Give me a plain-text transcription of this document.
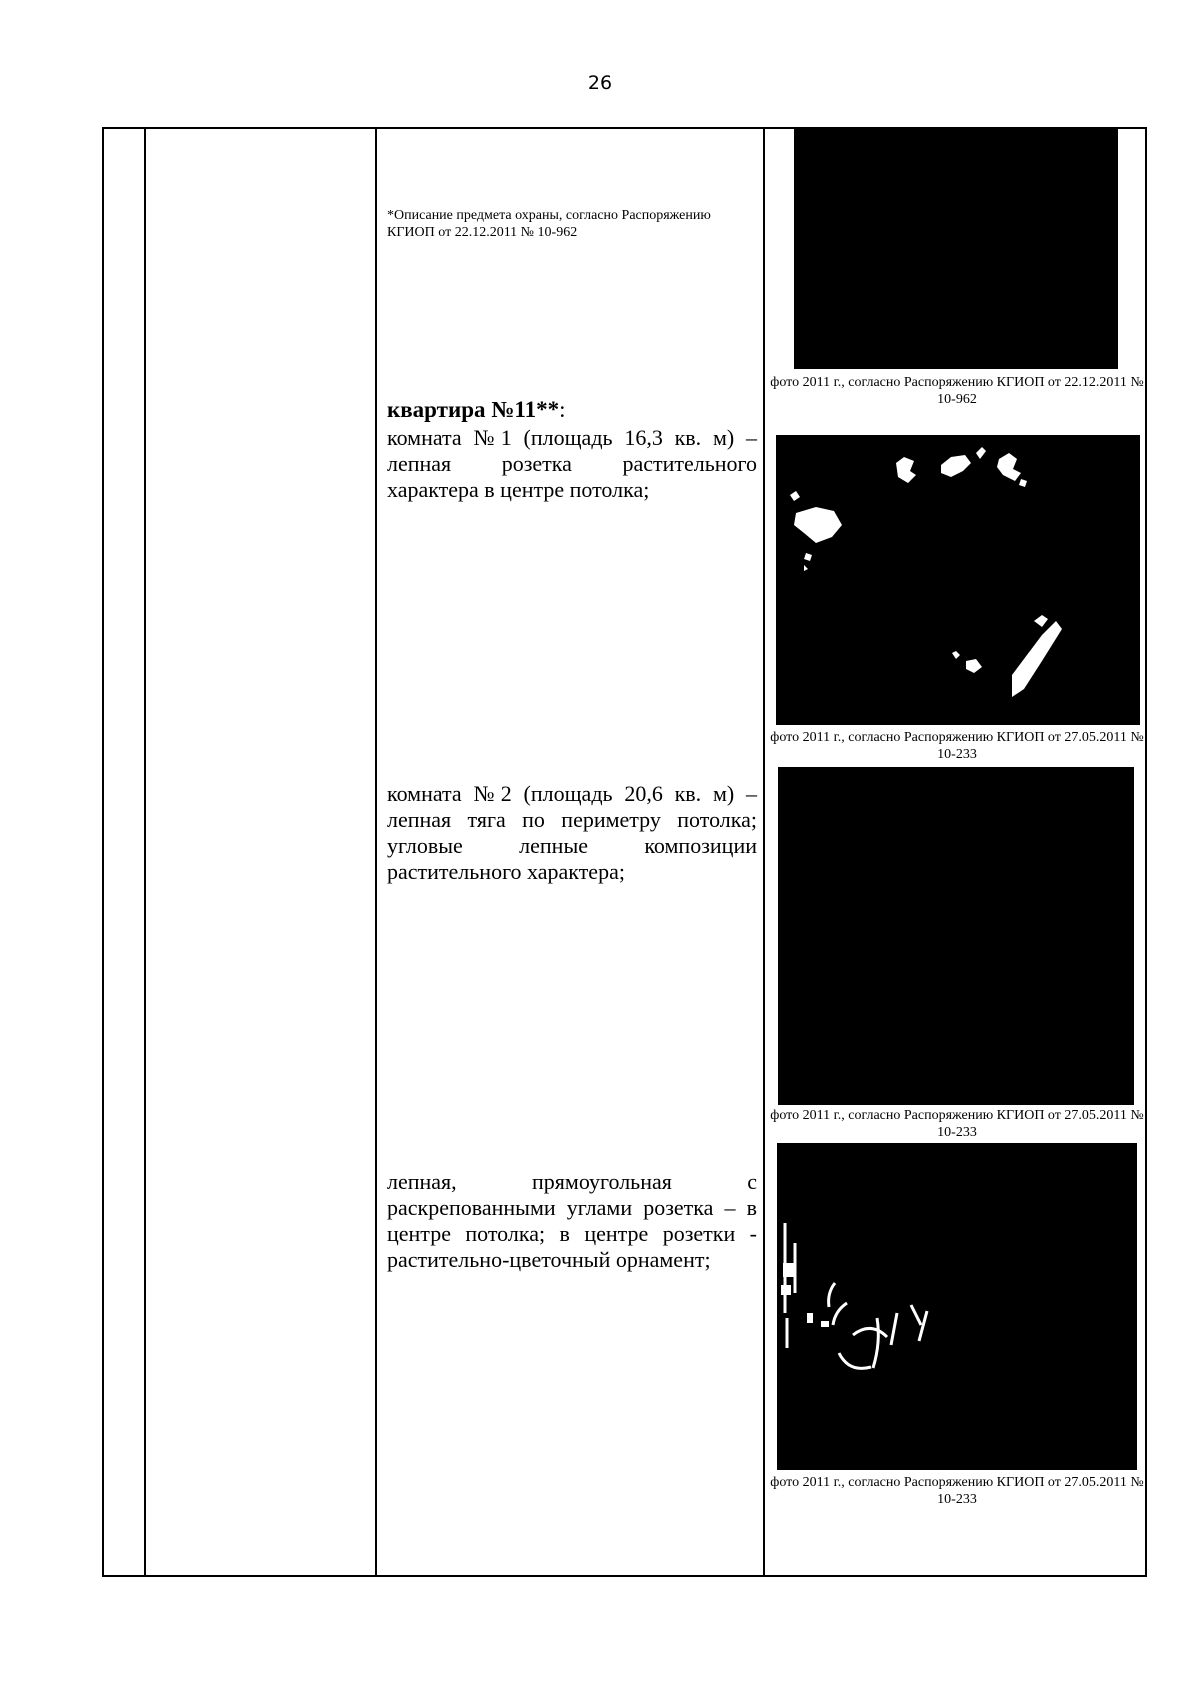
26
*Описание предмета охраны, согласно Распоряжению КГИОП от 22.12.2011 № 10-962
квартира №11**:
комната №1 (площадь 16,3 кв. м) – лепная розетка растительного характера в центре потолка;
комната №2 (площадь 20,6 кв. м) – лепная тяга по периметру потолка; угловые лепные композиции растительного характера;
лепная, прямоугольная с раскрепованными углами розетка – в центре потолка; в центре розетки - растительно-цветочный орнамент;
фото 2011 г., согласно Распоряжению КГИОП от 22.12.2011 № 10-962
фото 2011 г., согласно Распоряжению КГИОП от 27.05.2011 № 10-233
фото 2011 г., согласно Распоряжению КГИОП от 27.05.2011 № 10-233
фото 2011 г., согласно Распоряжению КГИОП от 27.05.2011 № 10-233
